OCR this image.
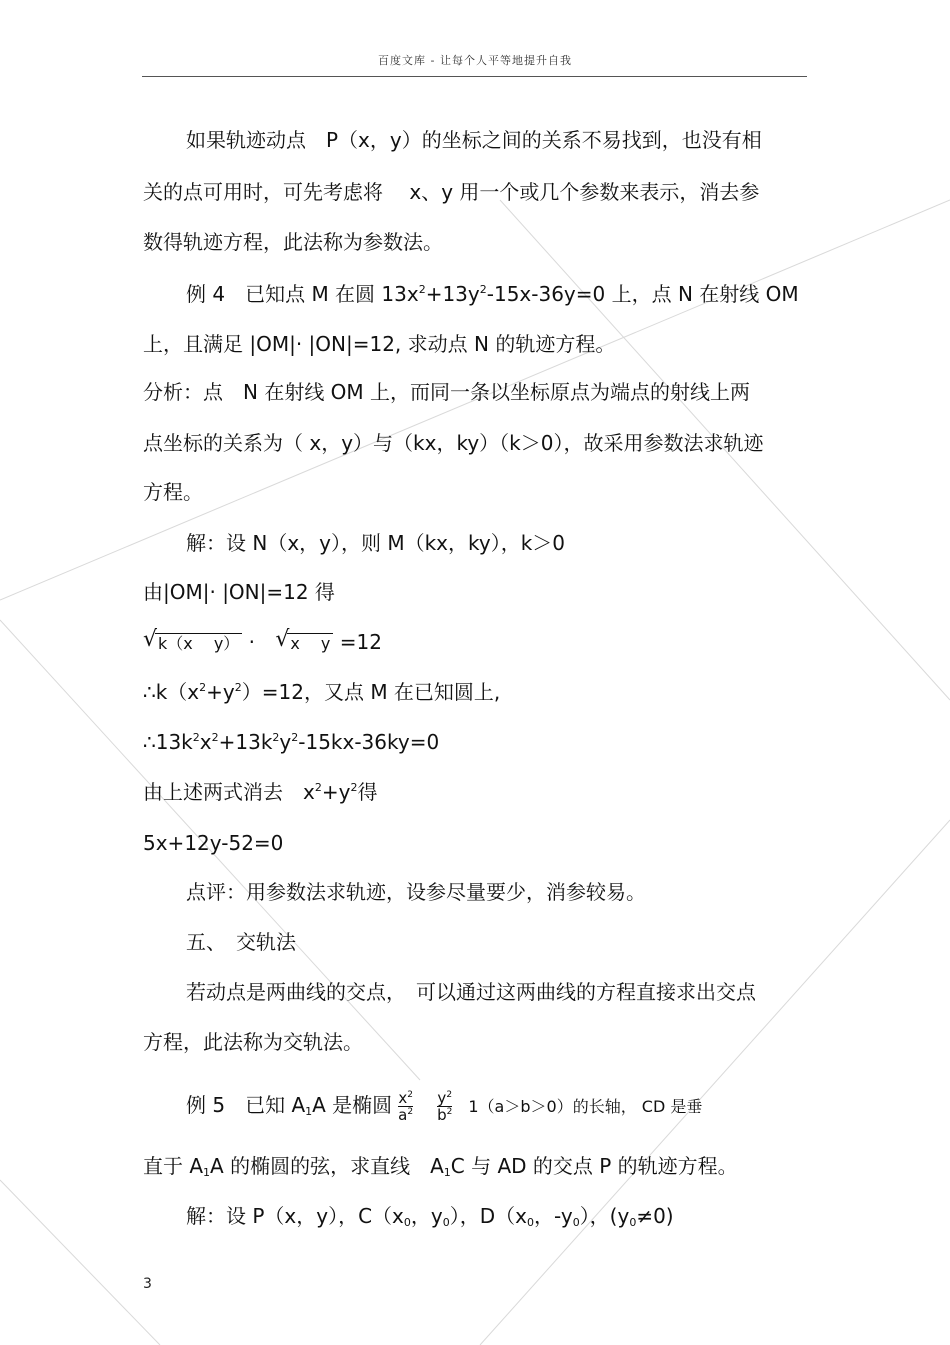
百度文库 - 让每个人平等地提升自我
如果轨迹动点　P（x，y）的坐标之间的关系不易找到，也没有相
关的点可用时，可先考虑将　 x、y 用一个或几个参数来表示，消去参
数得轨迹方程，此法称为参数法。
例 4　已知点 M 在圆 $13x^2+13y^2-15x-36y=0$ 上，点 N 在射线 OM
上，且满足 |OM|· |ON|=12, 求动点 N 的轨迹方程。
分析：点　N 在射线 OM 上，而同一条以坐标原点为端点的射线上两
点坐标的关系为（ x，y）与（kx，ky）（k＞0），故采用参数法求轨迹
方程。
解：设 N（x，y），则 M（kx，ky），k＞0
由|OM|· |ON|=12 得
√ k（x　 y） · √ x　 y =12
$\therefore k(x^2+y^2)=12$，又点 M 在已知圆上,
$\therefore 13k^2x^2+13k^2y^2-15kx-36ky=0$
由上述两式消去　$x^2+y^2$得
5x+12y-52=0
点评：用参数法求轨迹，设参尽量要少，消参较易。
五、　交轨法
若动点是两曲线的交点，　可以通过这两曲线的方程直接求出交点
方程，此法称为交轨法。
例 5　已知 $A_1A$ 是椭圆 $\frac{x^2}{a^2} \frac{y^2}{b^2} 1(a>b>0)$的长轴， CD 是垂
直于 $A_1A$ 的椭圆的弦，求直线　$A_1C$ 与 AD 的交点 P 的轨迹方程。
解：设 P（x，y），$C(x_0$，$y_0$），$D(x_0$，$-y_0$），$(y_0\ne 0)$
3
